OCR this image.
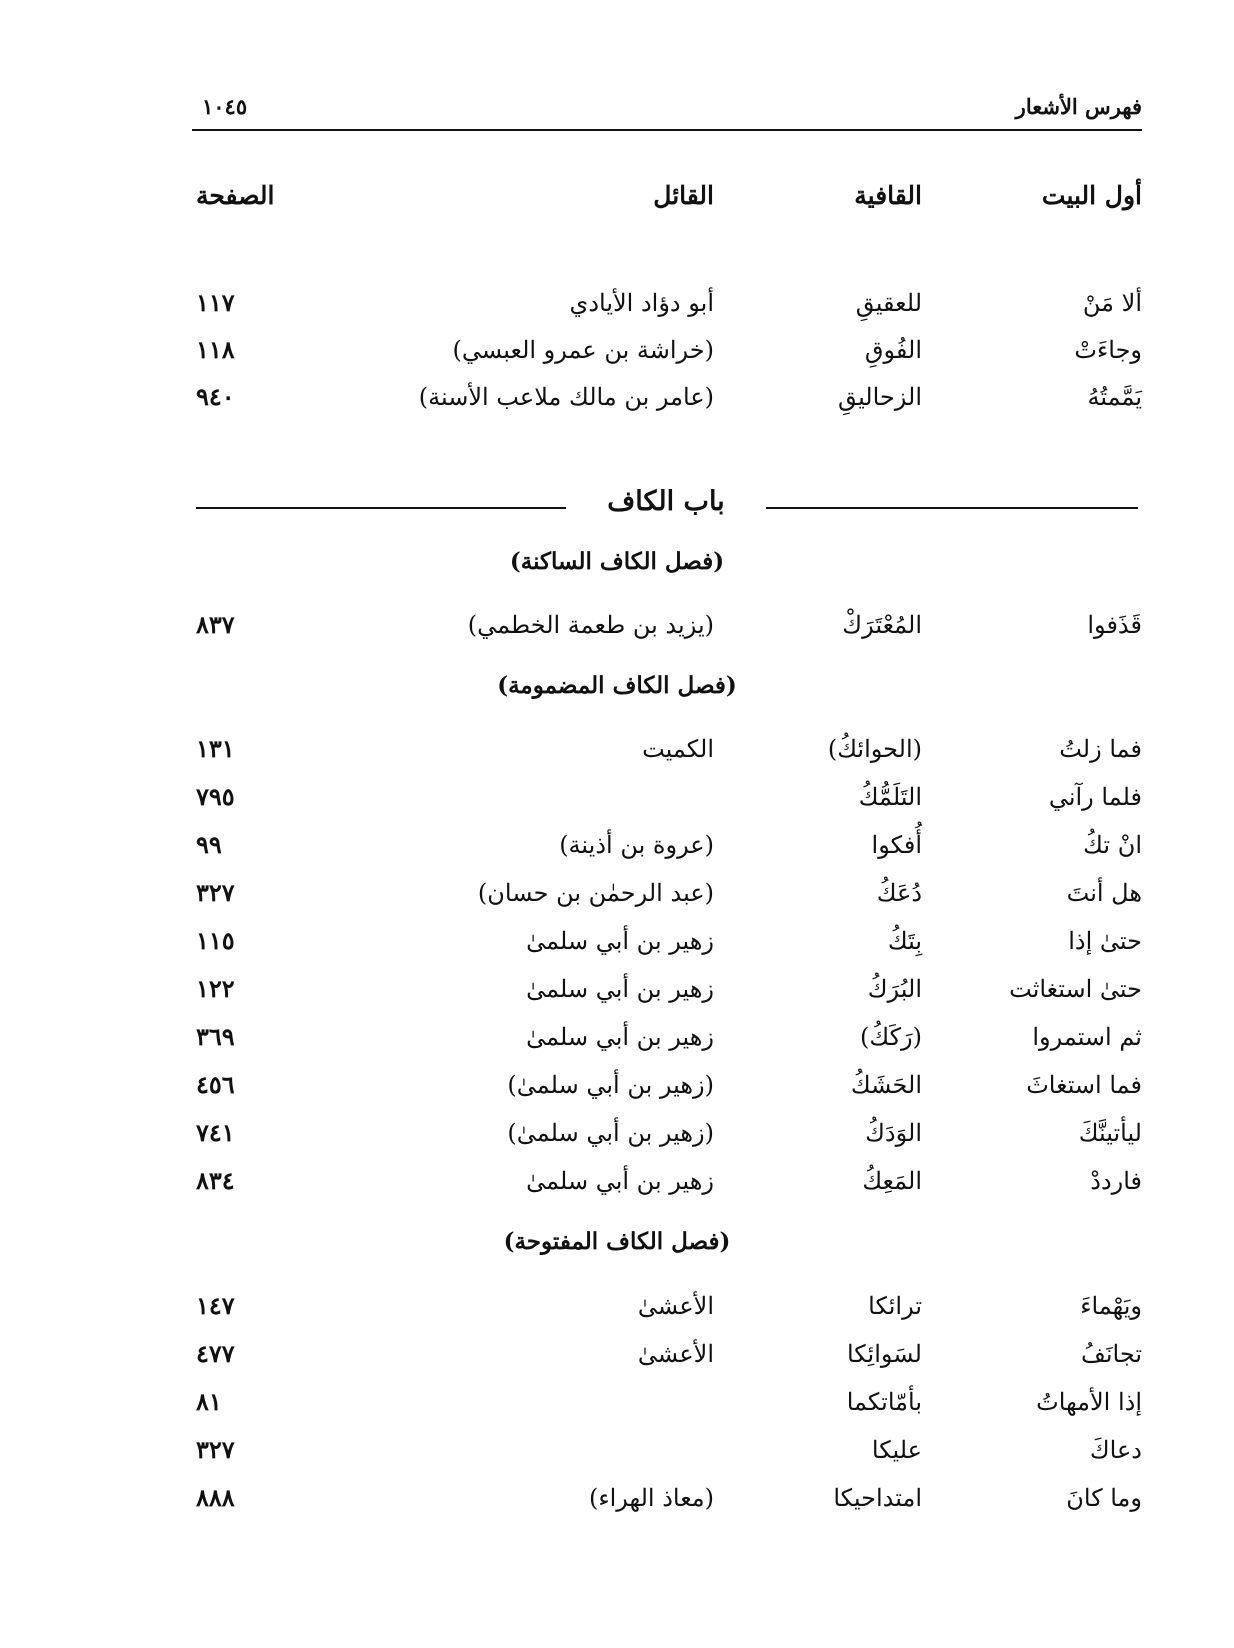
فهرس الأشعار
١٠٤٥
أول البيت
القافية
القائل
الصفحة
ألا مَنْ
للعقيقِ
أبو دؤاد الأيادي
١١٧
وجاءَتْ
الفُوقِ
(خراشة بن عمرو العبسي)
١١٨
يَمَّمتُهُ
الزحاليقِ
(عامر بن مالك ملاعب الأسنة)
٩٤٠
باب الكاف
(فصل الكاف الساكنة)
قَذَفوا
المُعْتَرَكْ
(يزيد بن طعمة الخطمي)
٨٣٧
(فصل الكاف المضمومة)
فما زلتُ
(الحوائكُ)
الكميت
١٣١
فلما رآني
التَلَمُّكُ
٧٩٥
انْ تكُ
أُفكوا
(عروة بن أذينة)
٩٩
هل أنتَ
دُعَكُ
(عبد الرحمٰن بن حسان)
٣٢٧
حتىٰ إذا
بِتَكُ
زهير بن أبي سلمىٰ
١١٥
حتىٰ استغاثت
البُرَكُ
زهير بن أبي سلمىٰ
١٢٢
ثم استمروا
(رَكَكُ)
زهير بن أبي سلمىٰ
٣٦٩
فما استغاثَ
الحَشَكُ
(زهير بن أبي سلمىٰ)
٤٥٦
ليأتينَّكَ
الوَدَكُ
(زهير بن أبي سلمىٰ)
٧٤١
فارددْ
المَعِكُ
زهير بن أبي سلمىٰ
٨٣٤
(فصل الكاف المفتوحة)
ويَهْماءَ
ترائكا
الأعشىٰ
١٤٧
تجانَفُ
لسَوائِكا
الأعشىٰ
٤٧٧
إذا الأمهاتُ
بأمّاتكما
٨١
دعاكَ
عليكا
٣٢٧
وما كانَ
امتداحيكا
(معاذ الهراء)
٨٨٨
